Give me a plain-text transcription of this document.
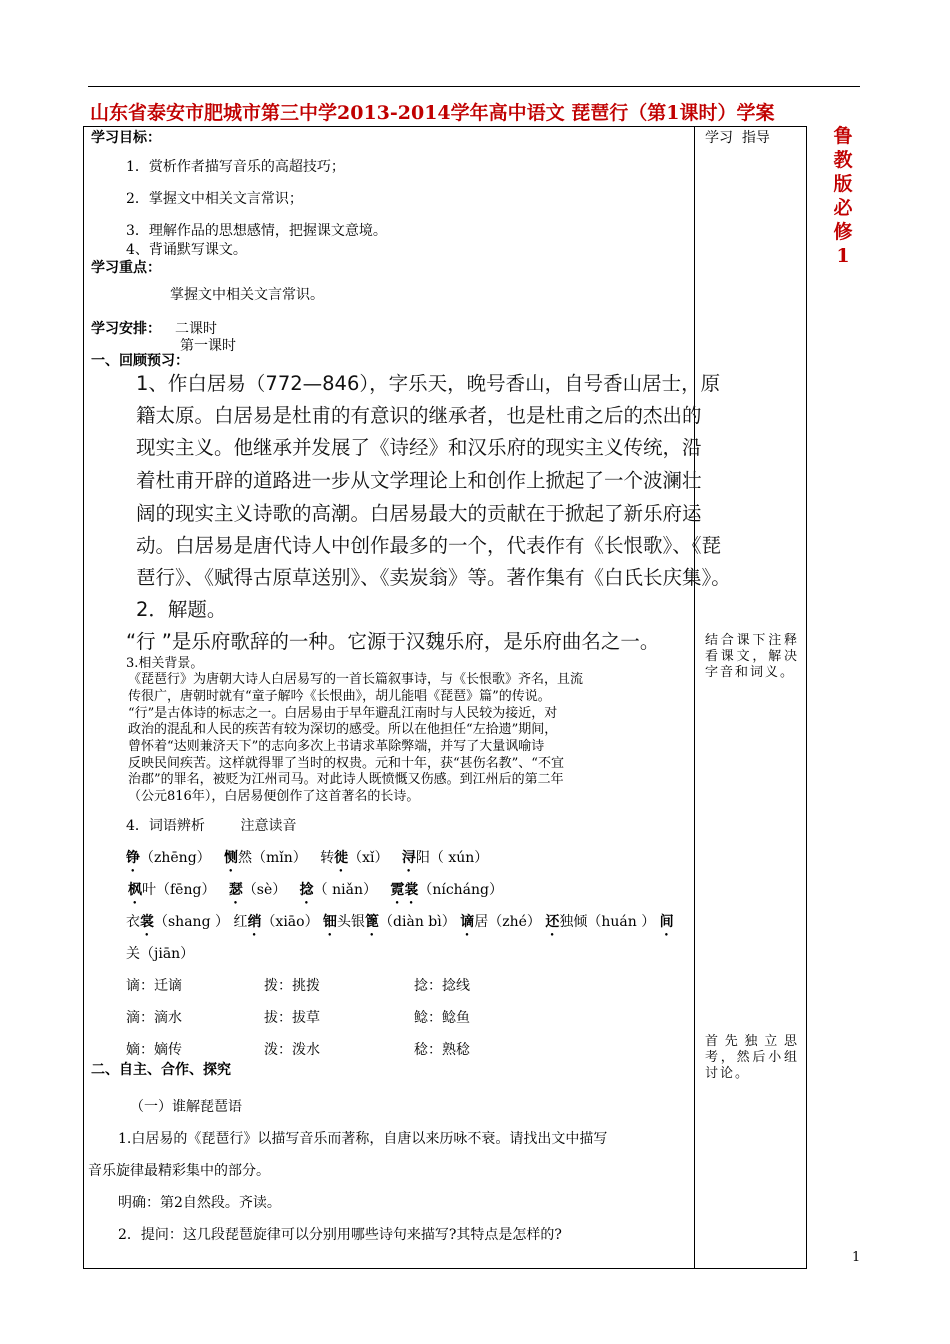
山东省泰安市肥城市第三中学2013-2014学年高中语文 琵琶行（第1课时）学案
鲁
教
版
必
修
1
学习目标：
1．赏析作者描写音乐的高超技巧；
2．掌握文中相关文言常识；
3．理解作品的思想感情，把握课文意境。
4、背诵默写课文。
学习重点：
掌握文中相关文言常识。
学习安排： 二课时
第一课时
一、回顾预习：
1、作白居易（772—846），字乐天，晚号香山，自号香山居士，原
籍太原。白居易是杜甫的有意识的继承者，也是杜甫之后的杰出的
现实主义。他继承并发展了《诗经》和汉乐府的现实主义传统，沿
着杜甫开辟的道路进一步从文学理论上和创作上掀起了一个波澜壮
阔的现实主义诗歌的高潮。白居易最大的贡献在于掀起了新乐府运
动。白居易是唐代诗人中创作最多的一个，代表作有《长恨歌》、《琵
琶行》、《赋得古原草送别》、《卖炭翁》等。著作集有《白氏长庆集》。
2．解题。
“行 ”是乐府歌辞的一种。它源于汉魏乐府，是乐府曲名之一。
3.相关背景。
《琵琶行》为唐朝大诗人白居易写的一首长篇叙事诗，与《长恨歌》齐名，且流
传很广，唐朝时就有“童子解吟《长恨曲》，胡儿能唱《琵琶》篇”的传说。
“行”是古体诗的标志之一。白居易由于早年避乱江南时与人民较为接近，对
政治的混乱和人民的疾苦有较为深切的感受。所以在他担任“左拾遗”期间，
曾怀着“达则兼济天下”的志向多次上书请求革除弊端，并写了大量讽喻诗
反映民间疾苦。这样就得罪了当时的权贵。元和十年，获“甚伤名教”、“不宜
治郡”的罪名，被贬为江州司马。对此诗人既愤慨又伤感。到江州后的第二年
（公元816年），白居易便创作了这首著名的长诗。
4．词语辨析        注意读音
铮（zhēng） 恻然（mǐn） 转徙（xǐ） 浔阳（ xún）
枫叶（fēng） 瑟（sè） 捻（ niǎn） 霓裳（nícháng）
衣裳（shang ） 红绡（xiāo） 钿头银篦（diàn bì） 谪居（zhé） 还独倾（huán ） 间
关（jiān）
谪：迁谪	拨：挑拨	捻：捻线
滴：滴水	拔：拔草	鲶：鲶鱼
嫡：嫡传	泼：泼水	稔：熟稔
二、自主、合作、探究
（一）谁解琵琶语
1.白居易的《琵琶行》以描写音乐而著称，自唐以来历咏不衰。请找出文中描写
音乐旋律最精彩集中的部分。
明确：第2自然段。齐读。
2．提问：这几段琵琶旋律可以分别用哪些诗句来描写?其特点是怎样的?
学习  指导
结合课下注释看课文，解决字音和词义。
首先独立思考，然后小组讨论。
1
